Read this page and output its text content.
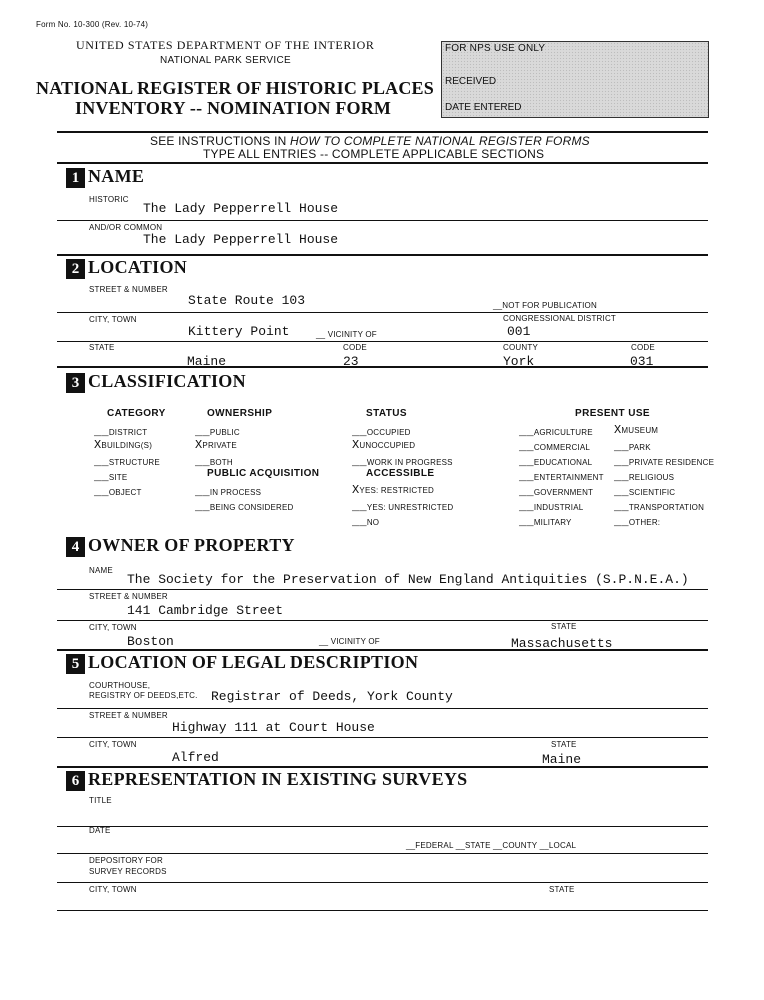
Form No. 10-300 (Rev. 10-74)
UNITED STATES DEPARTMENT OF THE INTERIOR
NATIONAL PARK SERVICE
NATIONAL REGISTER OF HISTORIC PLACES
INVENTORY -- NOMINATION FORM
FOR NPS USE ONLY
RECEIVED
DATE ENTERED
SEE INSTRUCTIONS IN HOW TO COMPLETE NATIONAL REGISTER FORMS
TYPE ALL ENTRIES -- COMPLETE APPLICABLE SECTIONS
1 NAME
HISTORIC
The Lady Pepperrell House
AND/OR COMMON
The Lady Pepperrell House
2 LOCATION
STREET & NUMBER
State Route 103	__NOT FOR PUBLICATION
CITY, TOWN	CONGRESSIONAL DISTRICT
Kittery Point	__ VICINITY OF	001
STATE	CODE	COUNTY	CODE
Maine	23	York	031
3 CLASSIFICATION
CATEGORY	OWNERSHIP	STATUS	PRESENT USE
__DISTRICT
XBUILDING(S)
__STRUCTURE
__SITE
__OBJECT
__PUBLIC
XPRIVATE
__BOTH
PUBLIC ACQUISITION
__IN PROCESS
__BEING CONSIDERED
__OCCUPIED
XUNOCCUPIED
__WORK IN PROGRESS
ACCESSIBLE
XYES: RESTRICTED
__YES: UNRESTRICTED
__NO
__AGRICULTURE
__COMMERCIAL
__EDUCATIONAL
__ENTERTAINMENT
__GOVERNMENT
__INDUSTRIAL
__MILITARY
XMUSEUM
__PARK
__PRIVATE RESIDENCE
__RELIGIOUS
__SCIENTIFIC
__TRANSPORTATION
__OTHER:
4 OWNER OF PROPERTY
NAME
The Society for the Preservation of New England Antiquities (S.P.N.E.A.)
STREET & NUMBER
141 Cambridge Street
CITY, TOWN	STATE
Boston	__ VICINITY OF	Massachusetts
5 LOCATION OF LEGAL DESCRIPTION
COURTHOUSE,
REGISTRY OF DEEDS,ETC. Registrar of Deeds, York County
STREET & NUMBER
Highway 111 at Court House
CITY, TOWN	STATE
Alfred	Maine
6 REPRESENTATION IN EXISTING SURVEYS
TITLE
DATE
__FEDERAL __STATE __COUNTY __LOCAL
DEPOSITORY FOR
SURVEY RECORDS
CITY, TOWN	STATE
